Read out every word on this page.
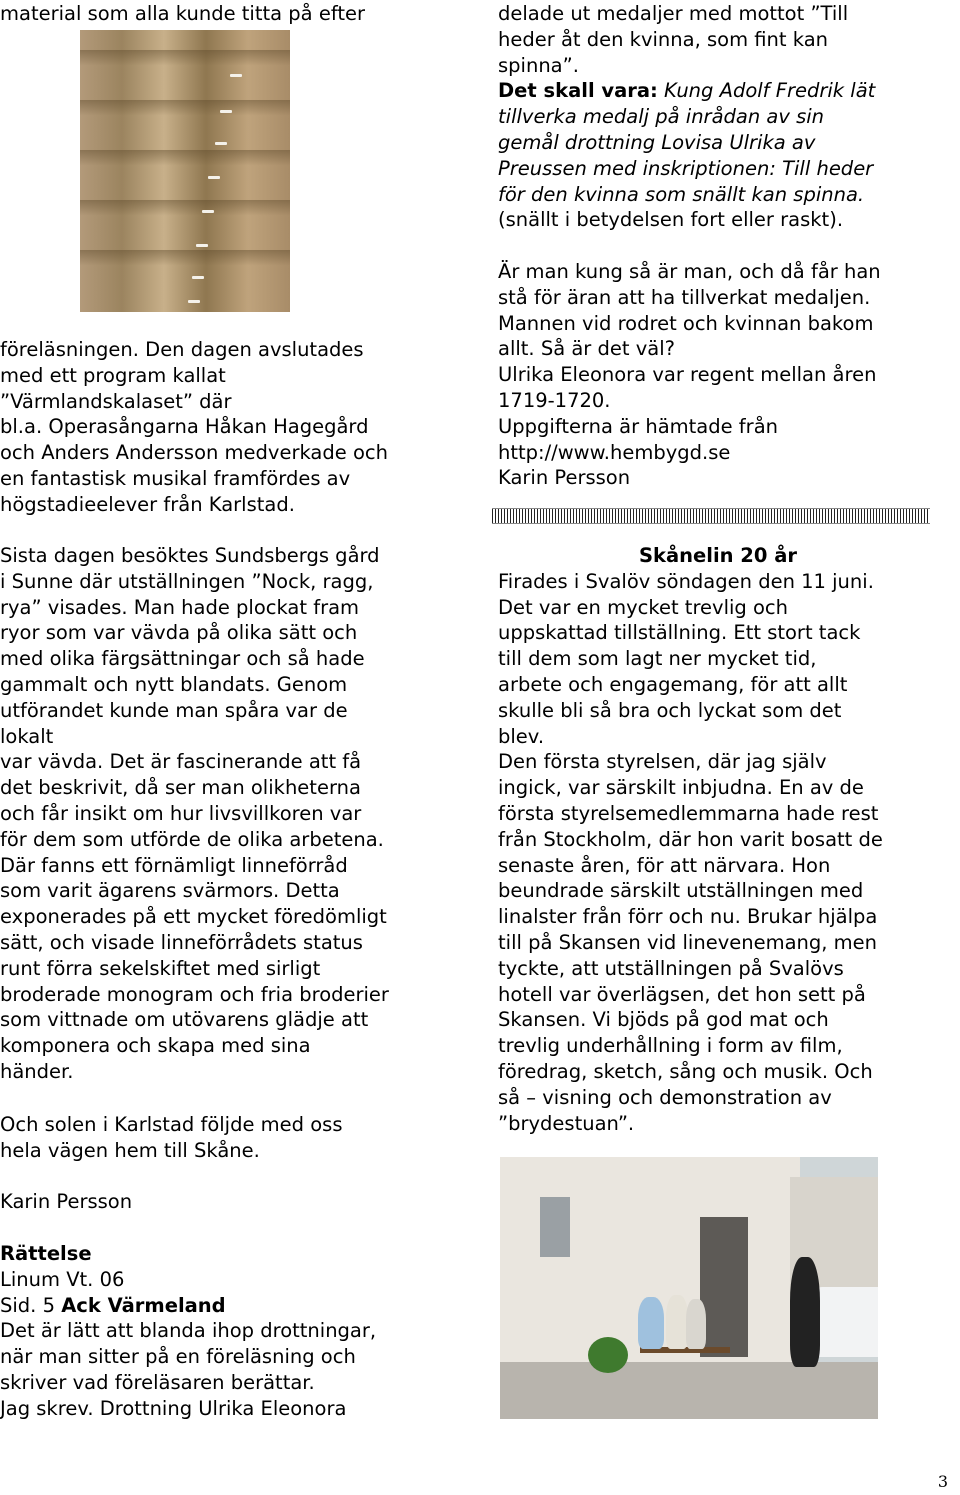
material som alla kunde titta på efter
föreläsningen. Den dagen avslutades
med ett program kallat
”Värmlandskalaset” där
bl.a. Operasångarna Håkan Hagegård
och Anders Andersson medverkade och
en fantastisk musikal framfördes av
högstadieelever från Karlstad.
Sista dagen besöktes Sundsbergs gård
i Sunne där utställningen ”Nock, ragg,
rya” visades. Man hade plockat fram
ryor som var vävda på olika sätt och
med olika färgsättningar och så hade
gammalt och nytt blandats. Genom
utförandet kunde man spåra var de
lokalt
var vävda. Det är fascinerande att få
det beskrivit, då ser man olikheterna
och får insikt om hur livsvillkoren var
för dem som utförde de olika arbetena.
Där fanns ett förnämligt linneförråd
som varit ägarens svärmors. Detta
exponerades på ett mycket föredömligt
sätt, och visade linneförrådets status
runt förra sekelskiftet med sirligt
broderade monogram och fria broderier
som vittnade om utövarens glädje att
komponera och skapa med sina
händer.
Och solen i Karlstad följde med oss
hela vägen hem till Skåne.
Karin Persson
Rättelse
Linum Vt. 06
Sid. 5 Ack Värmeland
Det är lätt att blanda ihop drottningar,
när man sitter på en föreläsning och
skriver vad föreläsaren berättar.
Jag skrev. Drottning Ulrika Eleonora
delade ut medaljer med mottot ”Till
heder åt den kvinna, som fint kan
spinna”.
Det skall vara: Kung Adolf Fredrik lät
tillverka medalj på inrådan av sin
gemål drottning Lovisa Ulrika av
Preussen med inskriptionen: Till heder
för den kvinna som snällt kan spinna.
(snällt i betydelsen fort eller raskt).
Är man kung så är man, och då får han
stå för äran att ha tillverkat medaljen.
Mannen vid rodret och kvinnan bakom
allt. Så är det väl?
Ulrika Eleonora var regent mellan åren
1719-1720.
Uppgifterna är hämtade från
http://www.hembygd.se
Karin Persson
Skånelin 20 år
Firades i Svalöv söndagen den 11 juni.
Det var en mycket trevlig och
uppskattad tillställning. Ett stort tack
till dem som lagt ner mycket tid,
arbete och engagemang, för att allt
skulle bli så bra och lyckat som det
blev.
Den första styrelsen, där jag själv
ingick, var särskilt inbjudna. En av de
första styrelsemedlemmarna hade rest
från Stockholm, där hon varit bosatt de
senaste åren, för att närvara. Hon
beundrade särskilt utställningen med
linalster från förr och nu. Brukar hjälpa
till på Skansen vid linevenemang, men
tyckte, att utställningen på Svalövs
hotell var överlägsen, det hon sett på
Skansen. Vi bjöds på god mat och
trevlig underhållning i form av film,
föredrag, sketch, sång och musik. Och
så – visning och demonstration av
”brydestuan”.
3
